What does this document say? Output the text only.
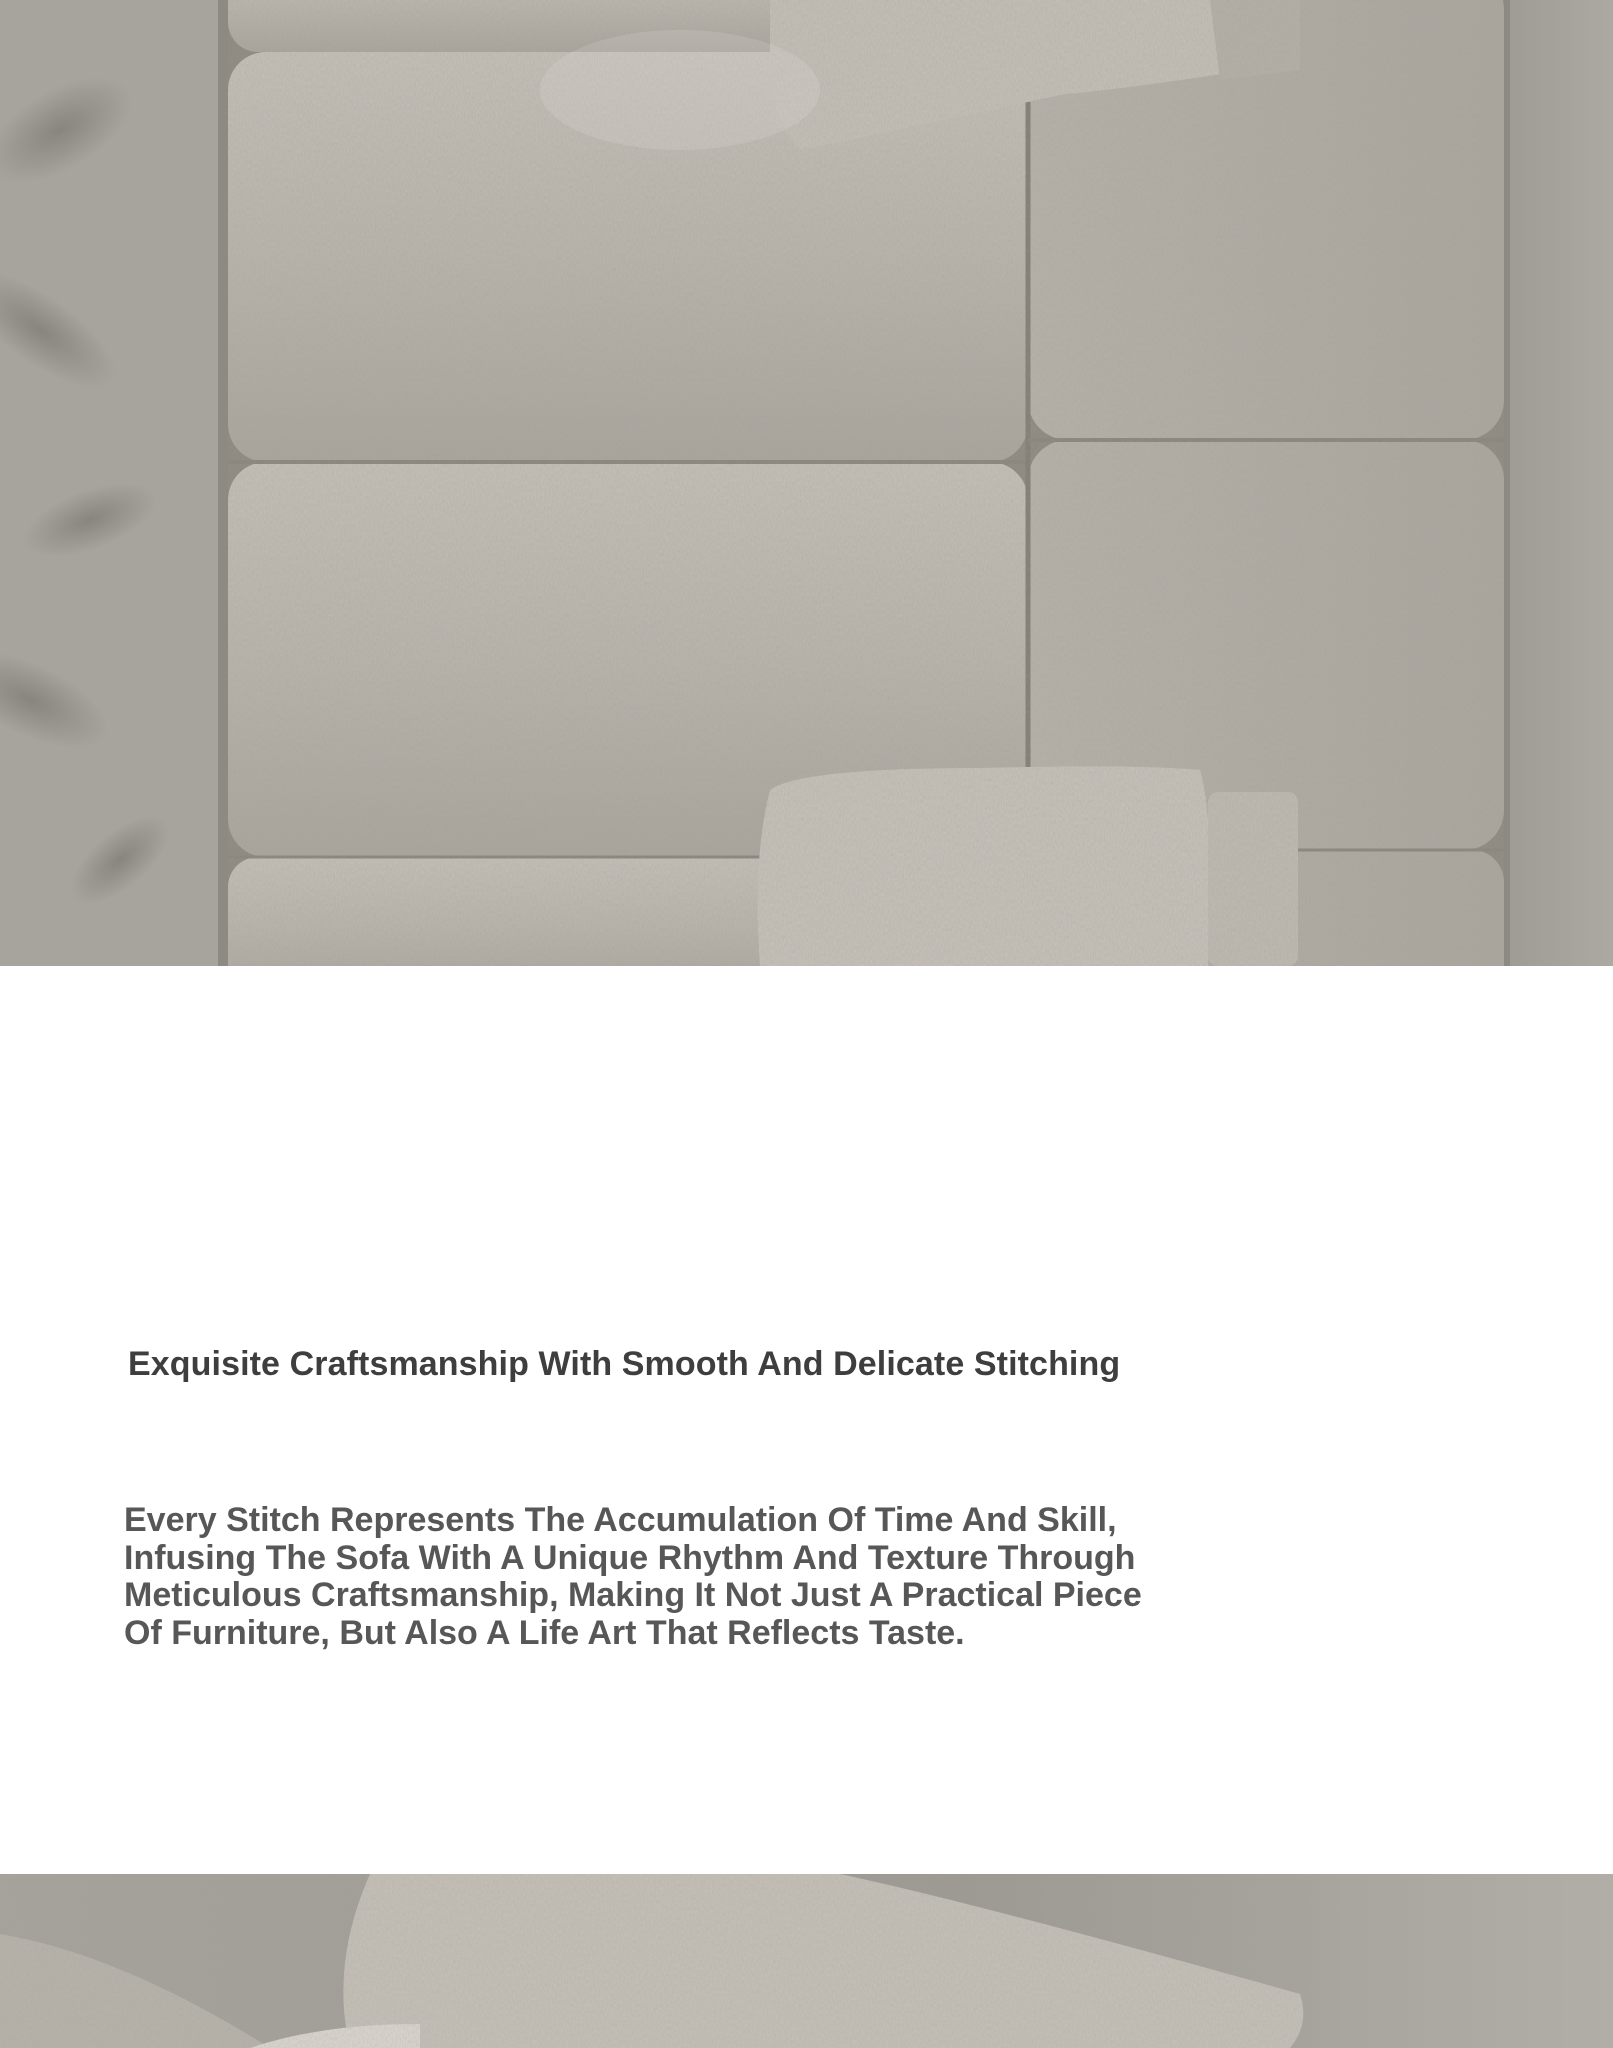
Exquisite Craftsmanship With Smooth And Delicate Stitching

Every Stitch Represents The Accumulation Of Time And Skill,
Infusing The Sofa With A Unique Rhythm And Texture Through
Meticulous Craftsmanship, Making It Not Just A Practical Piece
Of Furniture, But Also A Life Art That Reflects Taste.
